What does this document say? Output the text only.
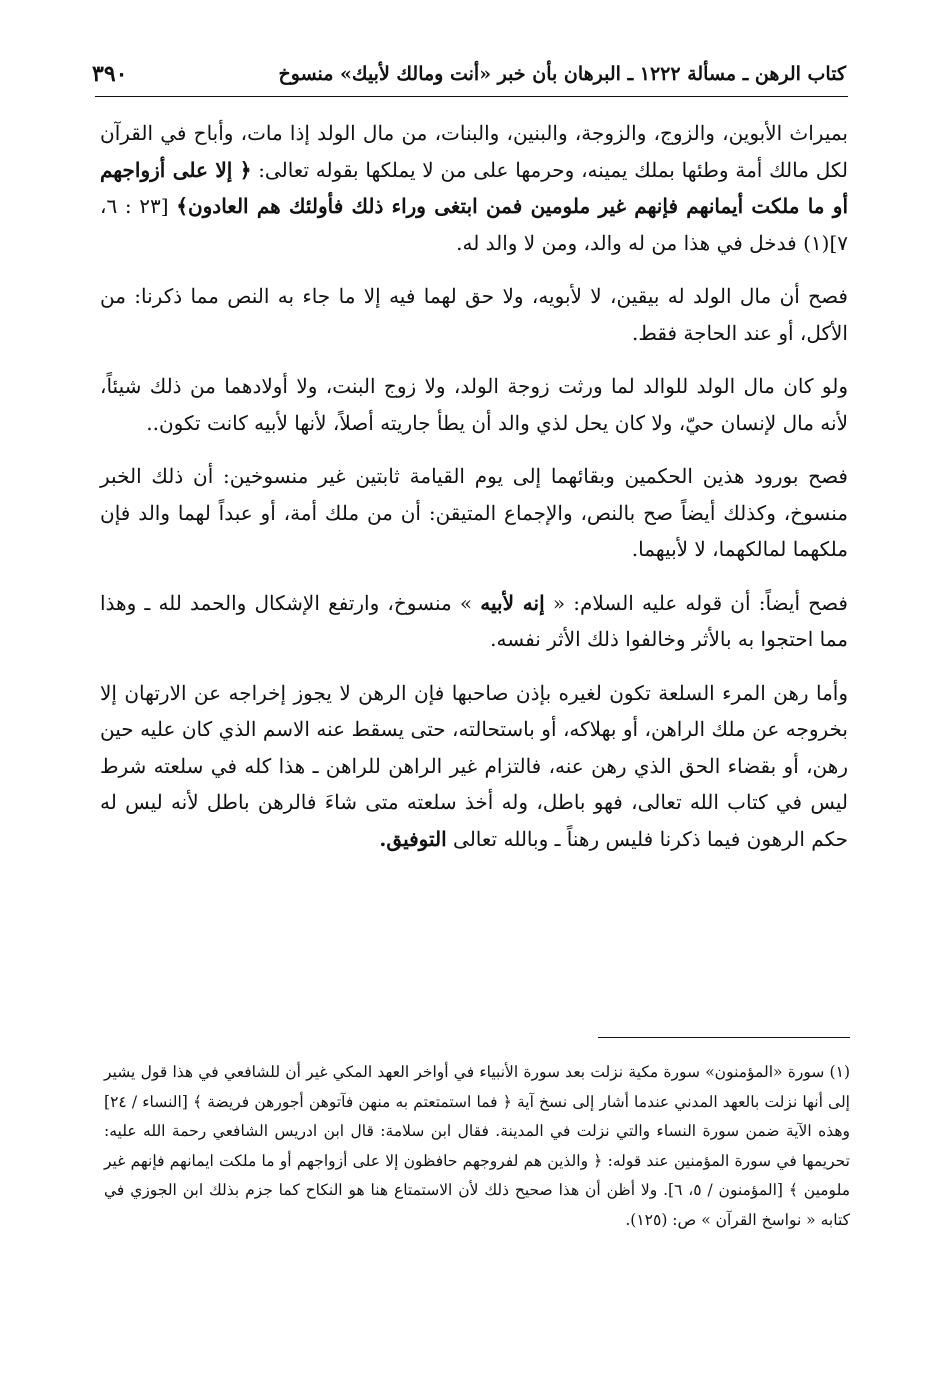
كتاب الرهن ـ مسألة ١٢٢٢ ـ البرهان بأن خبر «أنت ومالك لأبيك» منسوخ
٣٩٠

بميراث الأبوين، والزوج، والزوجة، والبنين، والبنات، من مال الولد إذا مات، وأباح في القرآن لكل مالك أمة وطئها بملك يمينه، وحرمها على من لا يملكها بقوله تعالى: ﴿ إلا على أزواجهم أو ما ملكت أيمانهم فإنهم غير ملومين فمن ابتغى وراء ذلك فأولئك هم العادون﴾ [٢٣ : ٦، ٧](١) فدخل في هذا من له والد، ومن لا والد له.

فصح أن مال الولد له بيقين، لا لأبويه، ولا حق لهما فيه إلا ما جاء به النص مما ذكرنا: من الأكل، أو عند الحاجة فقط.

ولو كان مال الولد للوالد لما ورثت زوجة الولد، ولا زوج البنت، ولا أولادهما من ذلك شيئاً، لأنه مال لإنسان حيّ، ولا كان يحل لذي والد أن يطأ جاريته أصلاً، لأنها لأبيه كانت تكون..

فصح بورود هذين الحكمين وبقائهما إلى يوم القيامة ثابتين غير منسوخين: أن ذلك الخبر منسوخ، وكذلك أيضاً صح بالنص، والإجماع المتيقن: أن من ملك أمة، أو عبداً لهما والد فإن ملكهما لمالكهما، لا لأبيهما.

فصح أيضاً: أن قوله عليه السلام: « إنه لأبيه » منسوخ، وارتفع الإشكال والحمد لله ـ وهذا مما احتجوا به بالأثر وخالفوا ذلك الأثر نفسه.

وأما رهن المرء السلعة تكون لغيره بإذن صاحبها فإن الرهن لا يجوز إخراجه عن الارتهان إلا بخروجه عن ملك الراهن، أو بهلاكه، أو باستحالته، حتى يسقط عنه الاسم الذي كان عليه حين رهن، أو بقضاء الحق الذي رهن عنه، فالتزام غير الراهن للراهن ـ هذا كله في سلعته شرط ليس في كتاب الله تعالى، فهو باطل، وله أخذ سلعته متى شاءَ فالرهن باطل لأنه ليس له حكم الرهون فيما ذكرنا فليس رهناً ـ وبالله تعالى التوفيق.

(١) سورة «المؤمنون» سورة مكية نزلت بعد سورة الأنبياء في أواخر العهد المكي غير أن للشافعي في هذا قول يشير إلى أنها نزلت بالعهد المدني عندما أشار إلى نسخ آية ﴿ فما استمتعتم به منهن فآتوهن أجورهن فريضة ﴾ [النساء / ٢٤] وهذه الآية ضمن سورة النساء والتي نزلت في المدينة. فقال ابن سلامة: قال ابن ادريس الشافعي رحمة الله عليه: تحريمها في سورة المؤمنين عند قوله: ﴿ والذين هم لفروجهم حافظون إلا على أزواجهم أو ما ملكت ايمانهم فإنهم غير ملومين ﴾ [المؤمنون / ٥، ٦]. ولا أظن أن هذا صحيح ذلك لأن الاستمتاع هنا هو النكاح كما جزم بذلك ابن الجوزي في كتابه « نواسخ القرآن » ص: (١٢٥).
